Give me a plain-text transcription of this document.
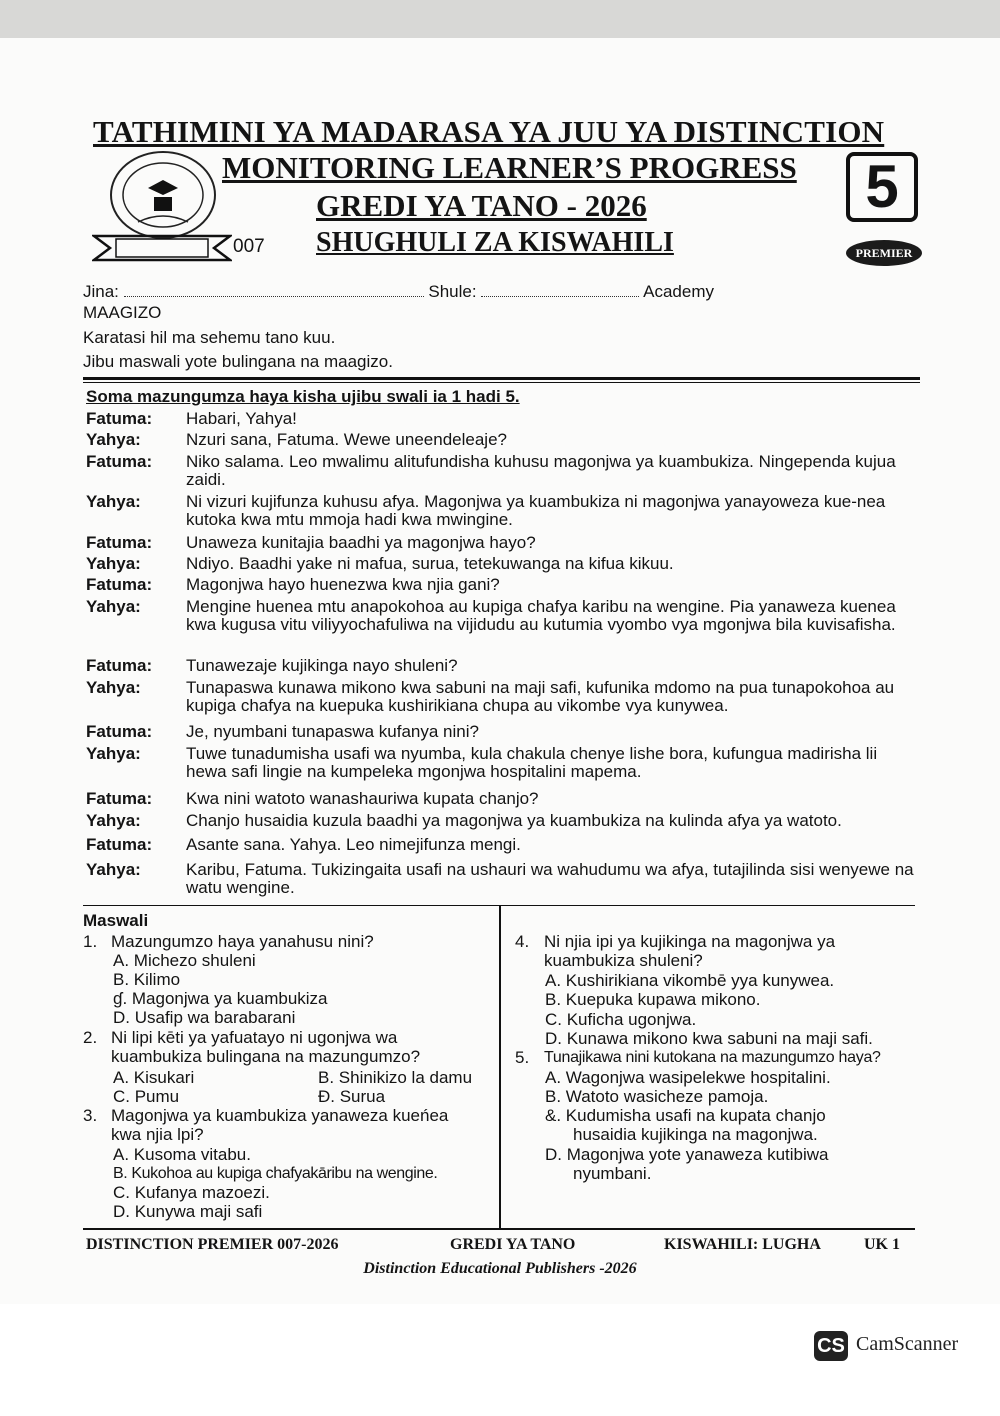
TATHIMINI YA MADARASA YA JUU YA DISTINCTION
MONITORING LEARNER’S PROGRESS
GREDI YA TANO - 2026
SHUGHULI ZA KISWAHILI
007
5
PREMIER
Jina:	Shule:	Academy
MAAGIZO
Karatasi hil ma sehemu tano kuu.
Jibu maswali yote bulingana na maagizo.
Soma mazungumza haya kisha ujibu swali ia 1 hadi 5.
Fatuma:	Habari, Yahya!
Yahya:	Nzuri sana, Fatuma. Wewe uneendeleaje?
Fatuma:	Niko salama. Leo mwalimu alitufundisha kuhusu magonjwa ya kuambukiza. Ningependa kujua zaidi.
Yahya:	Ni vizuri kujifunza kuhusu afya. Magonjwa ya kuambukiza ni magonjwa yanayoweza kue-nea kutoka kwa mtu mmoja hadi kwa mwingine.
Fatuma:	Unaweza kunitajia baadhi ya magonjwa hayo?
Yahya:	Ndiyo. Baadhi yake ni mafua, surua, tetekuwanga na kifua kikuu.
Fatuma:	Magonjwa hayo huenezwa kwa njia gani?
Yahya:	Mengine huenea mtu anapokohoa au kupiga chafya karibu na wengine. Pia yanaweza kuenea kwa kugusa vitu viliyyochafuliwa na vijidudu au kutumia vyombo vya mgonjwa bila kuvisafisha.
Fatuma:	Tunawezaje kujikinga nayo shuleni?
Yahya:	Tunapaswa kunawa mikono kwa sabuni na maji safi, kufunika mdomo na pua tunapokohoa au kupiga chafya na kuepuka kushirikiana chupa au vikombe vya kunywea.
Fatuma:	Je, nyumbani tunapaswa kufanya nini?
Yahya:	Tuwe tunadumisha usafi wa nyumba, kula chakula chenye lishe bora, kufungua madirisha lii hewa safi lingie na kumpeleka mgonjwa hospitalini mapema.
Fatuma:	Kwa nini watoto wanashauriwa kupata chanjo?
Yahya:	Chanjo husaidia kuzula baadhi ya magonjwa ya kuambukiza na kulinda afya ya watoto.
Fatuma:	Asante sana. Yahya. Leo nimejifunza mengi.
Yahya:	Karibu, Fatuma. Tukizingaita usafi na ushauri wa wahudumu wa afya, tutajilinda sisi wenyewe na watu wengine.
Maswali
1. Mazungumzo haya yanahusu nini?
A. Michezo shuleni
B. Kilimo
ɠ. Magonjwa ya kuambukiza
D. Usafip wa barabarani
2. Ni lipi kēti ya yafuatayo ni ugonjwa wa
kuambukiza bulingana na mazungumzo?
A. Kisukari	B. Shinikizo la damu
C. Pumu	Ð. Surua
3. Magonjwa ya kuambukiza yanaweza kueńea
kwa njia lpi?
A. Kusoma vitabu.
B. Kukohoa au kupiga chafyakāribu na wengine.
C. Kufanya mazoezi.
D. Kunywa maji safi
4. Ni njia ipi ya kujikinga na magonjwa ya
kuambukiza shuleni?
A. Kushirikiana vikombē yya kunywea.
B. Kuepuka kupawa mikono.
C. Kuficha ugonjwa.
D. Kunawa mikono kwa sabuni na maji safi.
5. Tunajikawa nini kutokana na mazungumzo haya?
A. Wagonjwa wasipelekwe hospitalini.
B. Watoto wasicheze pamoja.
&. Kudumisha usafi na kupata chanjo
husaidia kujikinga na magonjwa.
D. Magonjwa yote yanaweza kutibiwa
nyumbani.
DISTINCTION PREMIER 007-2026	GREDI YA TANO	KISWAHILI: LUGHA	UK 1
Distinction Educational Publishers -2026
CS CamScanner
